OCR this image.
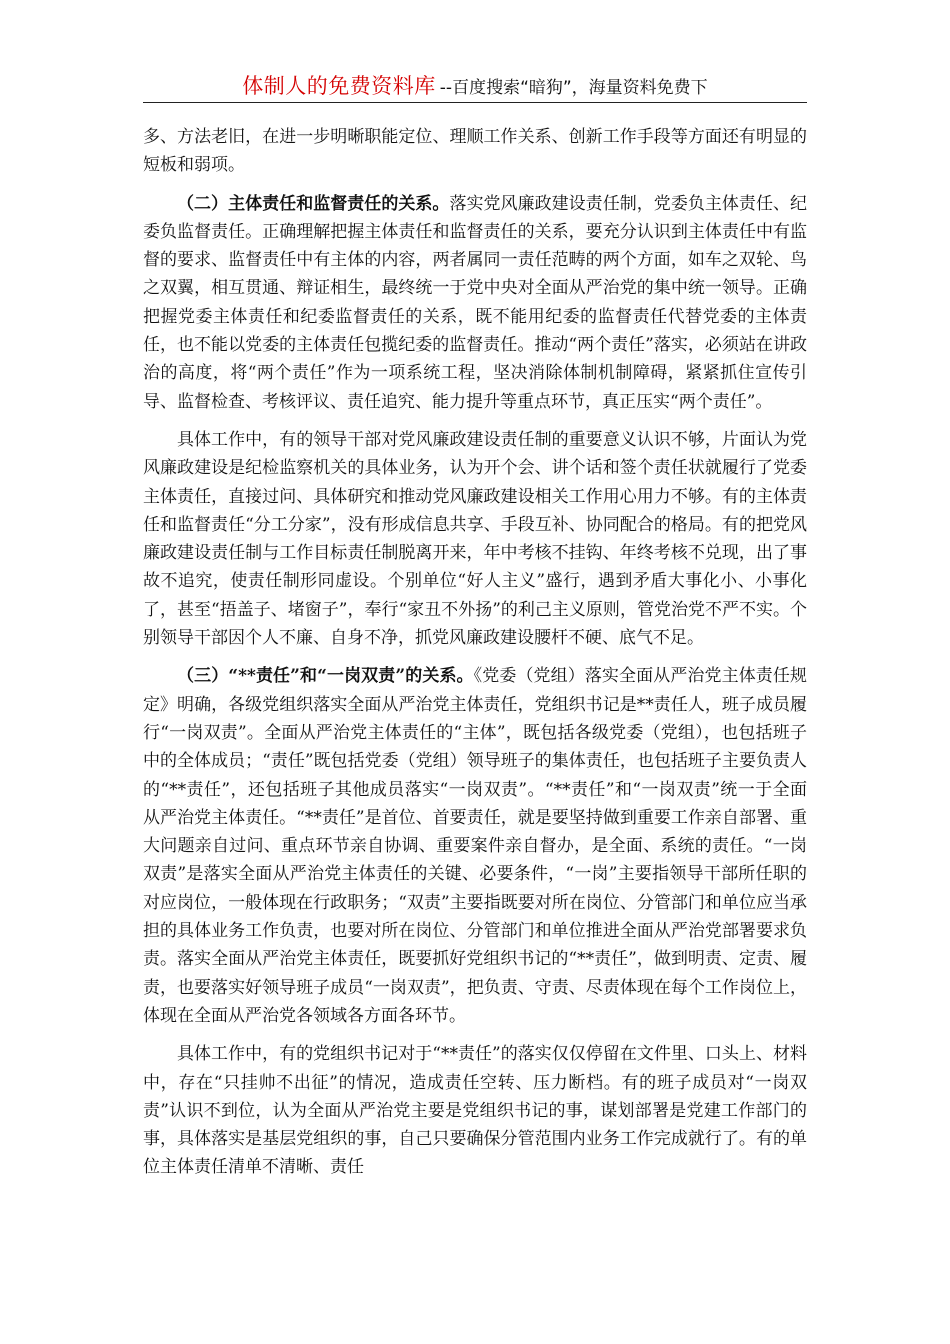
体制人的免费资料库 --百度搜索“暗狗”，海量资料免费下

多、方法老旧，在进一步明晰职能定位、理顺工作关系、创新工作手段等方面还有明显的短板和弱项。

（二）主体责任和监督责任的关系。落实党风廉政建设责任制，党委负主体责任、纪委负监督责任。正确理解把握主体责任和监督责任的关系，要充分认识到主体责任中有监督的要求、监督责任中有主体的内容，两者属同一责任范畴的两个方面，如车之双轮、鸟之双翼，相互贯通、辩证相生，最终统一于党中央对全面从严治党的集中统一领导。正确把握党委主体责任和纪委监督责任的关系，既不能用纪委的监督责任代替党委的主体责任，也不能以党委的主体责任包揽纪委的监督责任。推动“两个责任”落实，必须站在讲政治的高度，将“两个责任”作为一项系统工程，坚决消除体制机制障碍，紧紧抓住宣传引导、监督检查、考核评议、责任追究、能力提升等重点环节，真正压实“两个责任”。

具体工作中，有的领导干部对党风廉政建设责任制的重要意义认识不够，片面认为党风廉政建设是纪检监察机关的具体业务，认为开个会、讲个话和签个责任状就履行了党委主体责任，直接过问、具体研究和推动党风廉政建设相关工作用心用力不够。有的主体责任和监督责任“分工分家”，没有形成信息共享、手段互补、协同配合的格局。有的把党风廉政建设责任制与工作目标责任制脱离开来，年中考核不挂钩、年终考核不兑现，出了事故不追究，使责任制形同虚设。个别单位“好人主义”盛行，遇到矛盾大事化小、小事化了，甚至“捂盖子、堵窗子”，奉行“家丑不外扬”的利己主义原则，管党治党不严不实。个别领导干部因个人不廉、自身不净，抓党风廉政建设腰杆不硬、底气不足。

（三）“**责任”和“一岗双责”的关系。《党委（党组）落实全面从严治党主体责任规定》明确，各级党组织落实全面从严治党主体责任，党组织书记是**责任人，班子成员履行“一岗双责”。全面从严治党主体责任的“主体”，既包括各级党委（党组），也包括班子中的全体成员；“责任”既包括党委（党组）领导班子的集体责任，也包括班子主要负责人的“**责任”，还包括班子其他成员落实“一岗双责”。“**责任”和“一岗双责”统一于全面从严治党主体责任。“**责任”是首位、首要责任，就是要坚持做到重要工作亲自部署、重大问题亲自过问、重点环节亲自协调、重要案件亲自督办，是全面、系统的责任。“一岗双责”是落实全面从严治党主体责任的关键、必要条件，“一岗”主要指领导干部所任职的对应岗位，一般体现在行政职务；“双责”主要指既要对所在岗位、分管部门和单位应当承担的具体业务工作负责，也要对所在岗位、分管部门和单位推进全面从严治党部署要求负责。落实全面从严治党主体责任，既要抓好党组织书记的“**责任”，做到明责、定责、履责，也要落实好领导班子成员“一岗双责”，把负责、守责、尽责体现在每个工作岗位上，体现在全面从严治党各领域各方面各环节。

具体工作中，有的党组织书记对于“**责任”的落实仅仅停留在文件里、口头上、材料中，存在“只挂帅不出征”的情况，造成责任空转、压力断档。有的班子成员对“一岗双责”认识不到位，认为全面从严治党主要是党组织书记的事，谋划部署是党建工作部门的事，具体落实是基层党组织的事，自己只要确保分管范围内业务工作完成就行了。有的单位主体责任清单不清晰、责任
